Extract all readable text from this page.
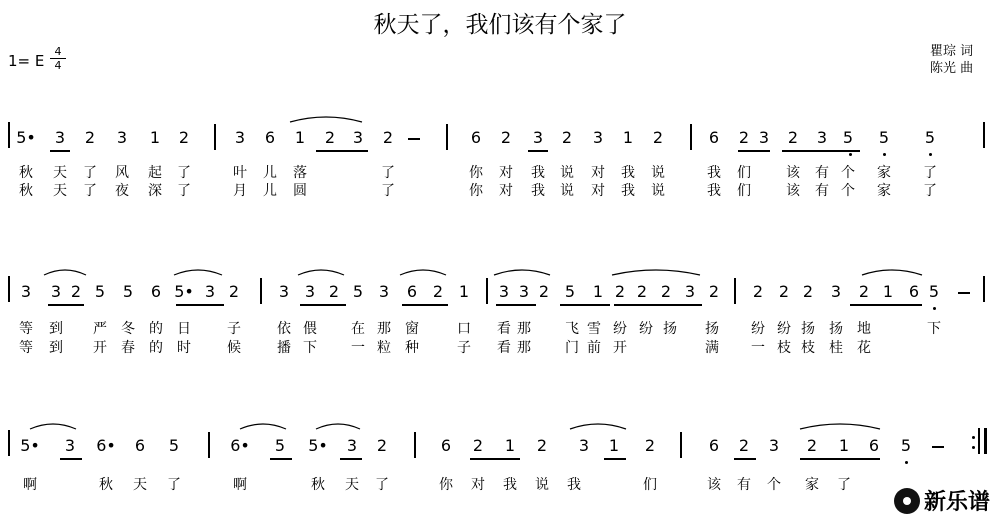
秋天了，我们该有个家了
1= E
4
4
瞿琮 词
陈光 曲
5•	3	2	3	1	2	3	6	1	2	3	2	6	2	3	2	3	1	2	6	2 3	2	3 5	5	5
秋 天 了 风 起 了	叶 儿 落	了	你 对 我 说 对 我 说	我 们	该 有 个 家 了
秋 天 了 夜 深 了	月 儿 圆	了	你 对 我 说 对 我 说	我 们	该 有 个 家 了
3	3 2 5	5	6 5• 3 2	3 3 2 5 3	6 2 1	3 3 2 5	1 2 2 2 3 2	2 2 2	3	2 1 6 5
等 到 严 冬 的 日	子	依 偎 在 那 窗	口 看 那 飞 雪 纷 纷 扬 扬 纷 纷 扬 扬 地	下
等 到 开 春 的 时	候	播 下 一 粒 种	子 看 那 门 前 开	满 一 枝 枝 桂 花
5•	3	6•	6	5	6•	5	5•	3	2	6	2	1	2	3	1	2	6	2	3	2	1	6	5
啊	秋 天 了	啊	秋 天 了	你 对 我 说 我	们	该 有 个 家 了
新乐谱
